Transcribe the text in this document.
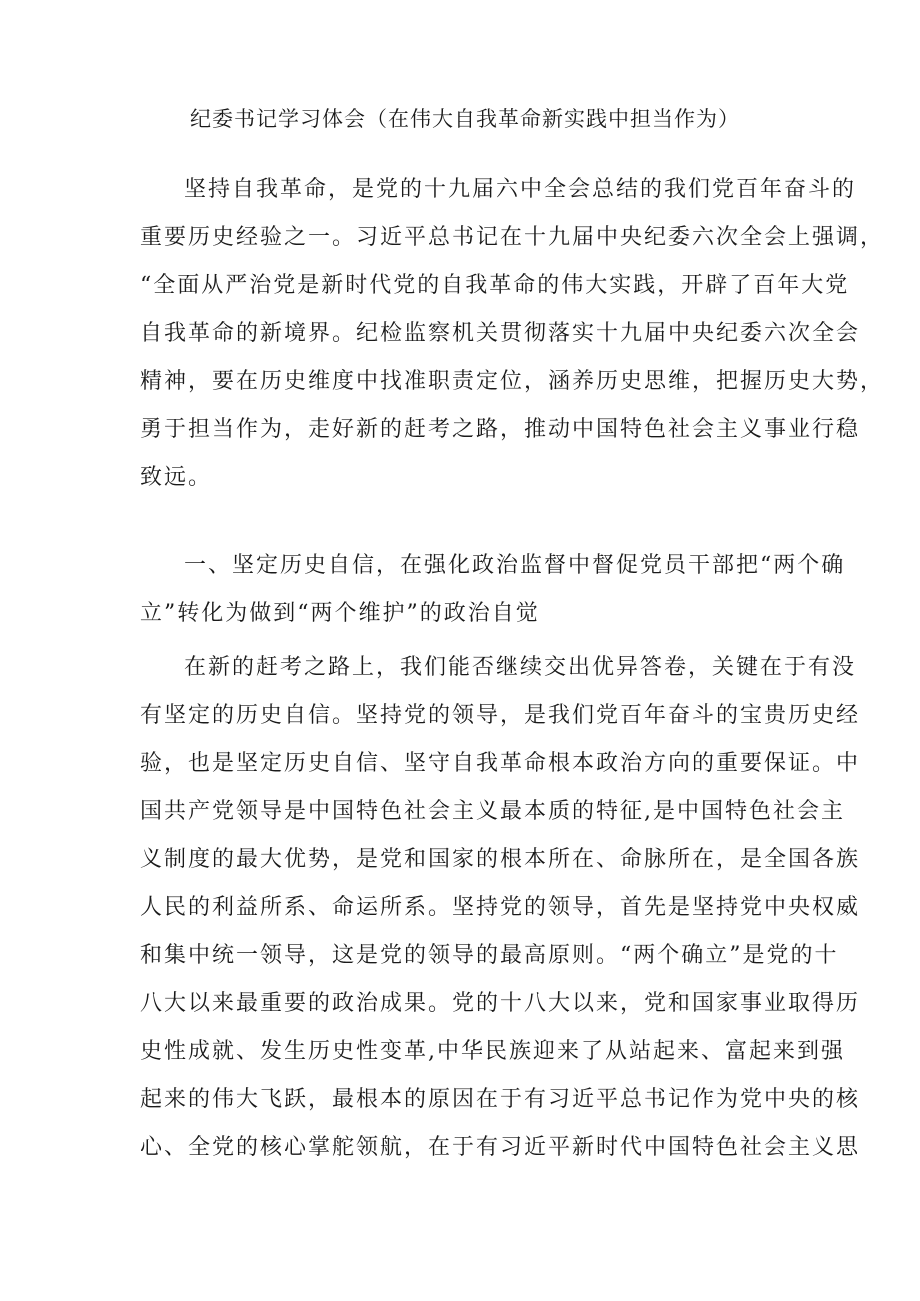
纪委书记学习体会（在伟大自我革命新实践中担当作为）
坚持自我革命，是党的十九届六中全会总结的我们党百年奋斗的
重要历史经验之一。习近平总书记在十九届中央纪委六次全会上强调，
“全面从严治党是新时代党的自我革命的伟大实践，开辟了百年大党
自我革命的新境界。纪检监察机关贯彻落实十九届中央纪委六次全会
精神，要在历史维度中找准职责定位，涵养历史思维，把握历史大势，
勇于担当作为，走好新的赶考之路，推动中国特色社会主义事业行稳
致远。
一、坚定历史自信，在强化政治监督中督促党员干部把“两个确
立”转化为做到“两个维护”的政治自觉
在新的赶考之路上，我们能否继续交出优异答卷，关键在于有没
有坚定的历史自信。坚持党的领导，是我们党百年奋斗的宝贵历史经
验，也是坚定历史自信、坚守自我革命根本政治方向的重要保证。中
国共产党领导是中国特色社会主义最本质的特征,是中国特色社会主
义制度的最大优势，是党和国家的根本所在、命脉所在，是全国各族
人民的利益所系、命运所系。坚持党的领导，首先是坚持党中央权威
和集中统一领导，这是党的领导的最高原则。“两个确立”是党的十
八大以来最重要的政治成果。党的十八大以来，党和国家事业取得历
史性成就、发生历史性变革,中华民族迎来了从站起来、富起来到强
起来的伟大飞跃，最根本的原因在于有习近平总书记作为党中央的核
心、全党的核心掌舵领航，在于有习近平新时代中国特色社会主义思
